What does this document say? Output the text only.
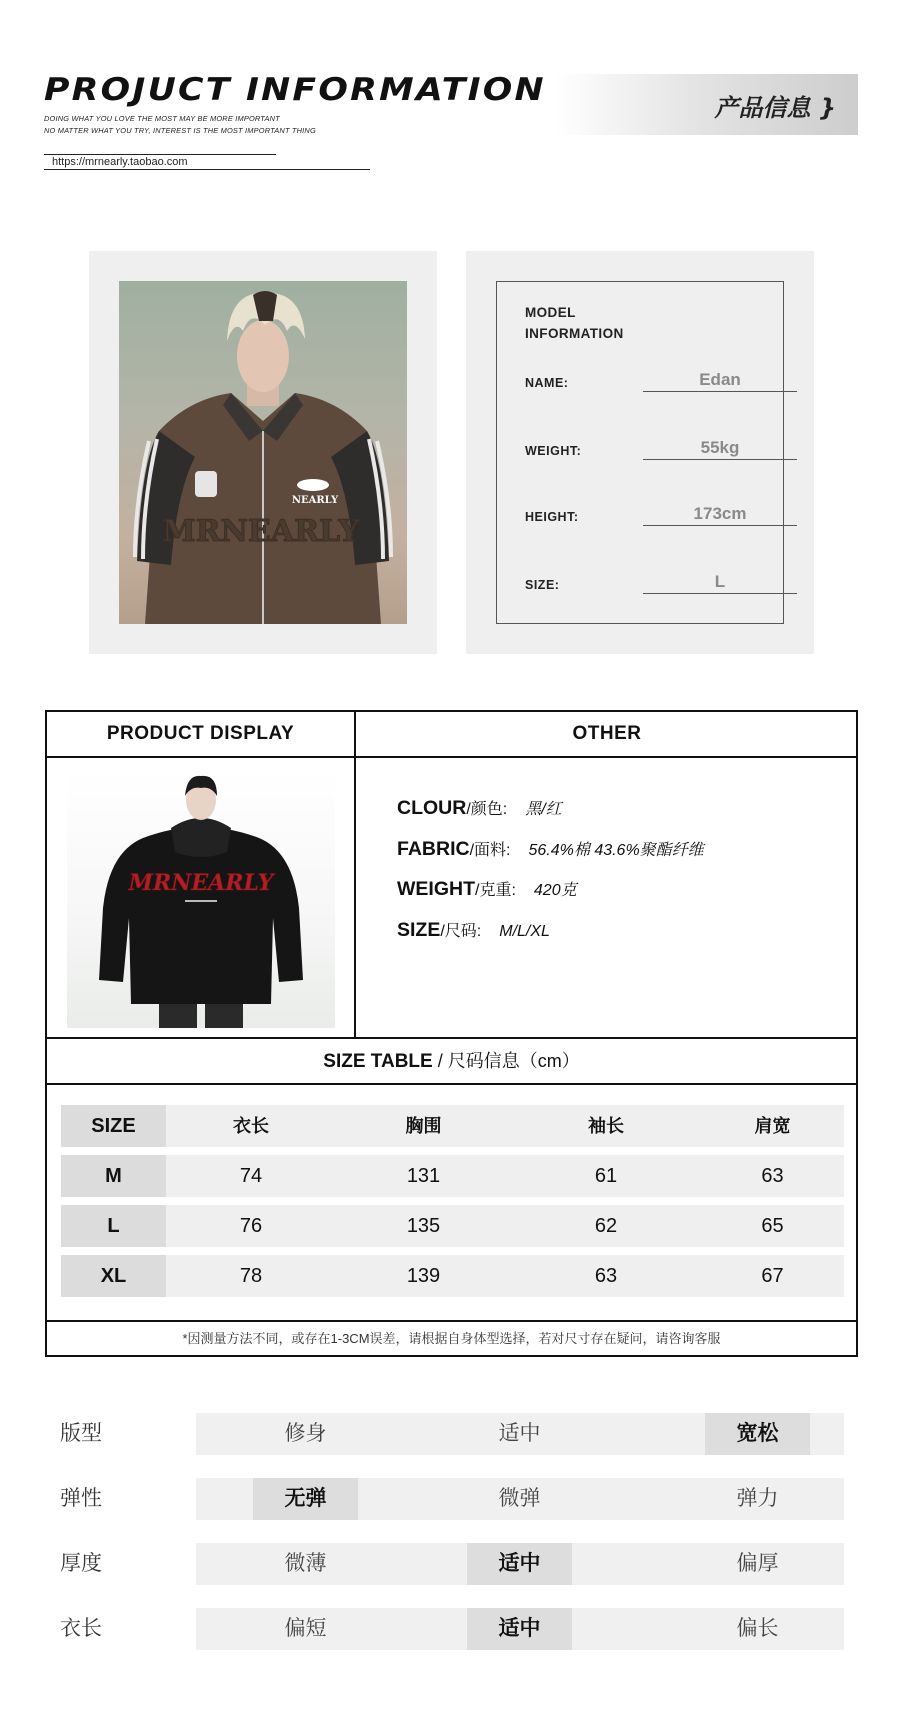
PROJUCT INFORMATION
DOING WHAT YOU LOVE THE MOST MAY BE MORE IMPORTANT
NO MATTER WHAT YOU TRY, INTEREST IS THE MOST IMPORTANT THING
https://mrnearly.taobao.com
产品信息 }
MRNEARLY
NEARLY
MODEL
INFORMATION
NAME:	Edan
WEIGHT:	55kg
HEIGHT:	173cm
SIZE:	L
PRODUCT DISPLAY	OTHER
MRNEARLY
CLOUR/颜色: 黑/红
FABRIC/面料: 56.4%棉 43.6%聚酯纤维
WEIGHT/克重: 420克
SIZE/尺码: M/L/XL
SIZE TABLE / 尺码信息（cm）
SIZE	衣长	胸围	袖长	肩宽
M	74	131	61	63
L	76	135	62	65
XL	78	139	63	67
*因测量方法不同，或存在1-3CM误差，请根据自身体型选择，若对尺寸存在疑问，请咨询客服
版型	修身	适中	宽松
弹性	无弹	微弹	弹力
厚度	微薄	适中	偏厚
衣长	偏短	适中	偏长
